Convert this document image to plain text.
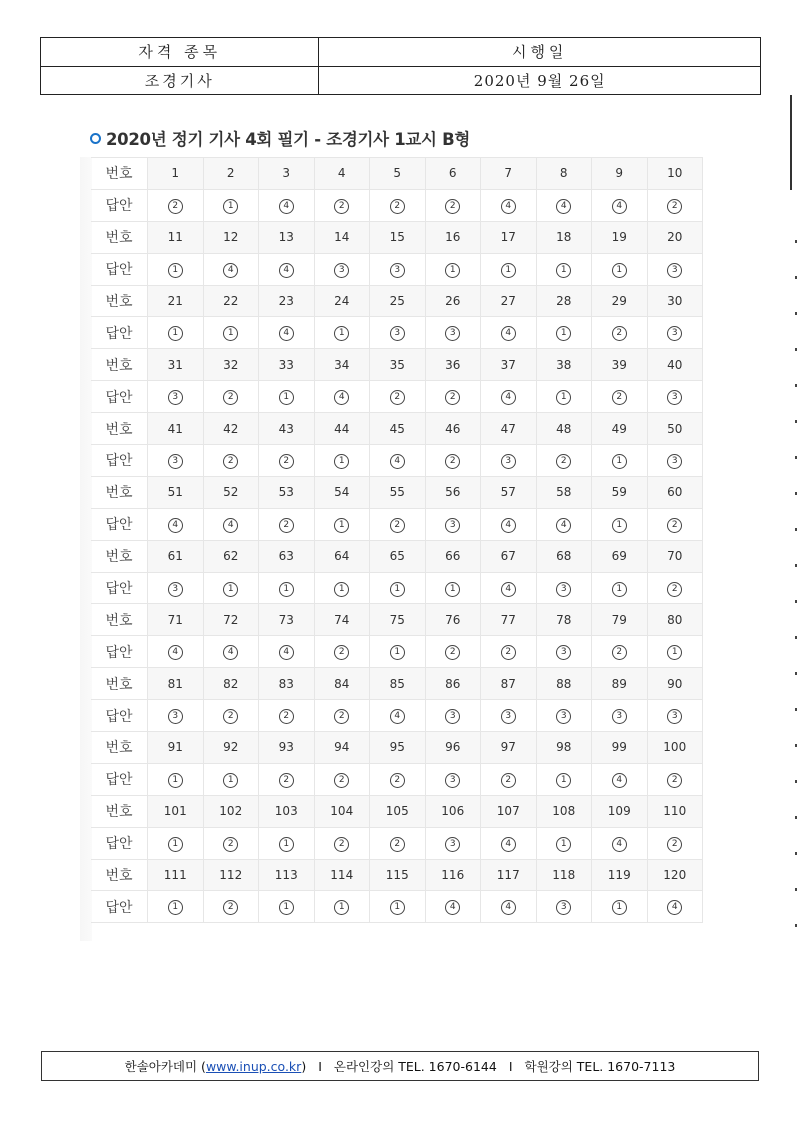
자격 종목	시행일
조경기사	2020년 9월 26일
2020년 정기 기사 4회 필기 - 조경기사 1교시 B형
번호	1	2	3	4	5	6	7	8	9	10
답안	2	1	4	2	2	2	4	4	4	2
번호	11	12	13	14	15	16	17	18	19	20
답안	1	4	4	3	3	1	1	1	1	3
번호	21	22	23	24	25	26	27	28	29	30
답안	1	1	4	1	3	3	4	1	2	3
번호	31	32	33	34	35	36	37	38	39	40
답안	3	2	1	4	2	2	4	1	2	3
번호	41	42	43	44	45	46	47	48	49	50
답안	3	2	2	1	4	2	3	2	1	3
번호	51	52	53	54	55	56	57	58	59	60
답안	4	4	2	1	2	3	4	4	1	2
번호	61	62	63	64	65	66	67	68	69	70
답안	3	1	1	1	1	1	4	3	1	2
번호	71	72	73	74	75	76	77	78	79	80
답안	4	4	4	2	1	2	2	3	2	1
번호	81	82	83	84	85	86	87	88	89	90
답안	3	2	2	2	4	3	3	3	3	3
번호	91	92	93	94	95	96	97	98	99	100
답안	1	1	2	2	2	3	2	1	4	2
번호	101	102	103	104	105	106	107	108	109	110
답안	1	2	1	2	2	3	4	1	4	2
번호	111	112	113	114	115	116	117	118	119	120
답안	1	2	1	1	1	4	4	3	1	4
한솔아카데미 ( www.inup.co.kr ) I 온라인강의 TEL. 1670-6144 I 학원강의 TEL. 1670-7113
